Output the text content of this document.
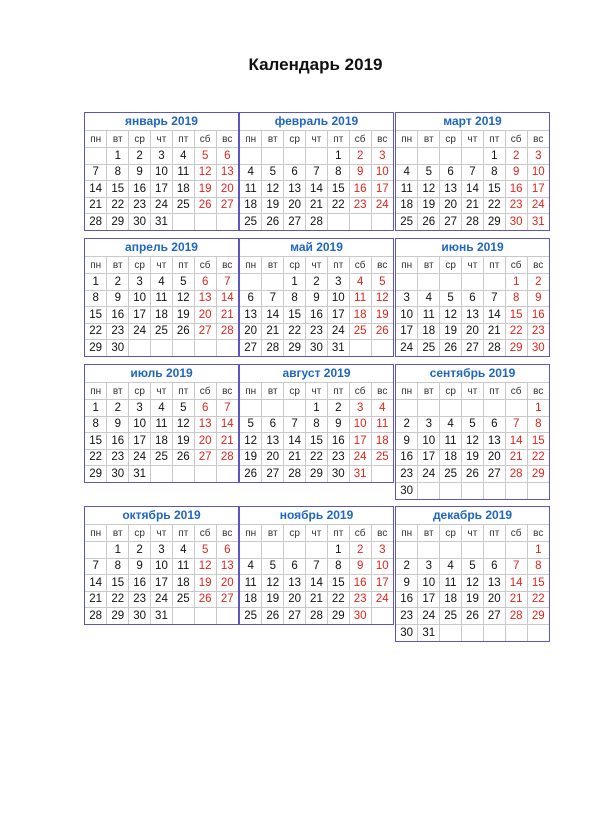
Календарь 2019
январь 2019
пн	вт	ср	чт	пт	сб	вс
	1	2	3	4	5	6
7	8	9	10	11	12	13
14	15	16	17	18	19	20
21	22	23	24	25	26	27
28	29	30	31			
февраль 2019
пн	вт	ср	чт	пт	сб	вс
				1	2	3
4	5	6	7	8	9	10
11	12	13	14	15	16	17
18	19	20	21	22	23	24
25	26	27	28			
март 2019
пн	вт	ср	чт	пт	сб	вс
				1	2	3
4	5	6	7	8	9	10
11	12	13	14	15	16	17
18	19	20	21	22	23	24
25	26	27	28	29	30	31
апрель 2019
пн	вт	ср	чт	пт	сб	вс
1	2	3	4	5	6	7
8	9	10	11	12	13	14
15	16	17	18	19	20	21
22	23	24	25	26	27	28
29	30					
май 2019
пн	вт	ср	чт	пт	сб	вс
		1	2	3	4	5
6	7	8	9	10	11	12
13	14	15	16	17	18	19
20	21	22	23	24	25	26
27	28	29	30	31		
июнь 2019
пн	вт	ср	чт	пт	сб	вс
					1	2
3	4	5	6	7	8	9
10	11	12	13	14	15	16
17	18	19	20	21	22	23
24	25	26	27	28	29	30
июль 2019
пн	вт	ср	чт	пт	сб	вс
1	2	3	4	5	6	7
8	9	10	11	12	13	14
15	16	17	18	19	20	21
22	23	24	25	26	27	28
29	30	31				
август 2019
пн	вт	ср	чт	пт	сб	вс
			1	2	3	4
5	6	7	8	9	10	11
12	13	14	15	16	17	18
19	20	21	22	23	24	25
26	27	28	29	30	31	
сентябрь 2019
пн	вт	ср	чт	пт	сб	вс
						1
2	3	4	5	6	7	8
9	10	11	12	13	14	15
16	17	18	19	20	21	22
23	24	25	26	27	28	29
30						
октябрь 2019
пн	вт	ср	чт	пт	сб	вс
	1	2	3	4	5	6
7	8	9	10	11	12	13
14	15	16	17	18	19	20
21	22	23	24	25	26	27
28	29	30	31			
ноябрь 2019
пн	вт	ср	чт	пт	сб	вс
				1	2	3
4	5	6	7	8	9	10
11	12	13	14	15	16	17
18	19	20	21	22	23	24
25	26	27	28	29	30	
декабрь 2019
пн	вт	ср	чт	пт	сб	вс
						1
2	3	4	5	6	7	8
9	10	11	12	13	14	15
16	17	18	19	20	21	22
23	24	25	26	27	28	29
30	31					
